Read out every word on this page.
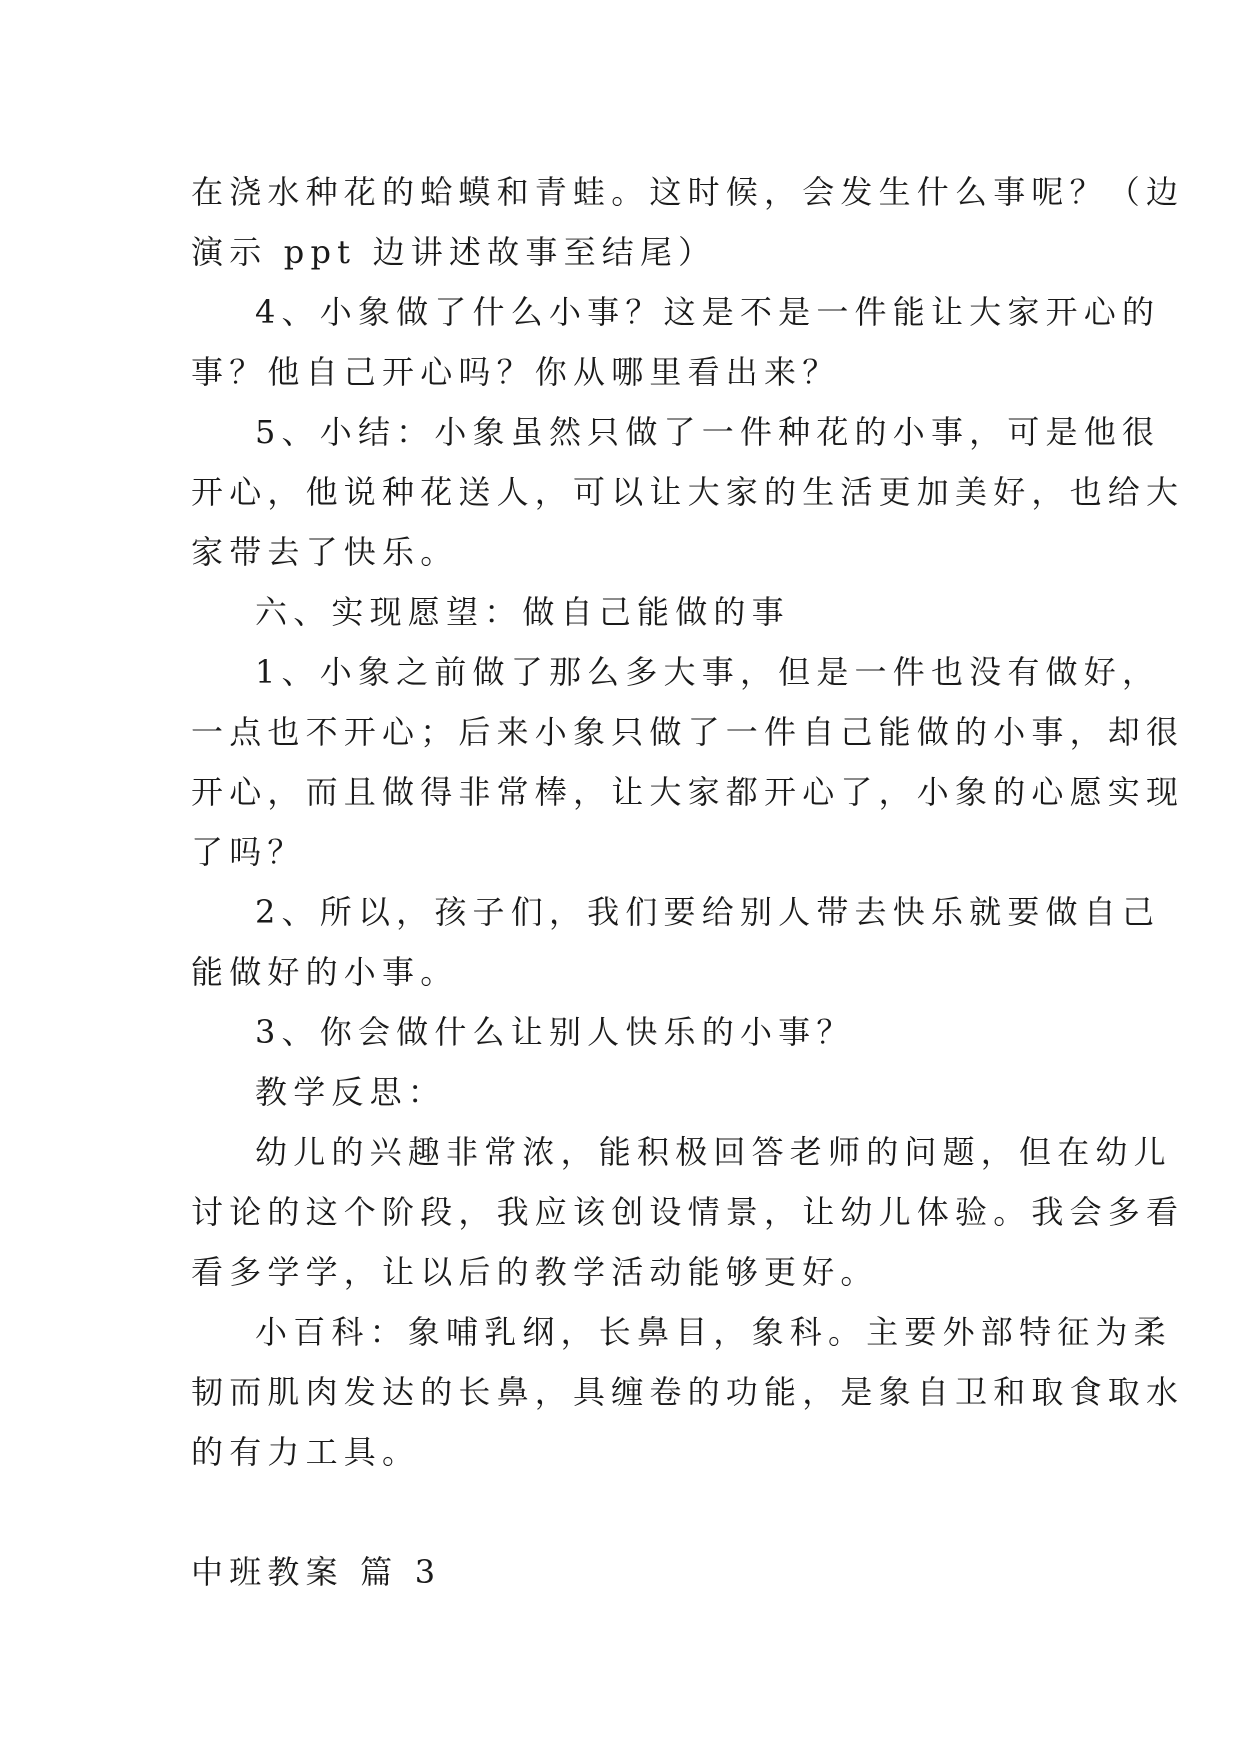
在浇水种花的蛤蟆和青蛙。这时候，会发生什么事呢？（边
演示 ppt 边讲述故事至结尾）
4、小象做了什么小事？这是不是一件能让大家开心的
事？他自己开心吗？你从哪里看出来？
5、小结：小象虽然只做了一件种花的小事，可是他很
开心，他说种花送人，可以让大家的生活更加美好，也给大
家带去了快乐。
六、实现愿望：做自己能做的事
1、小象之前做了那么多大事，但是一件也没有做好，
一点也不开心；后来小象只做了一件自己能做的小事，却很
开心，而且做得非常棒，让大家都开心了，小象的心愿实现
了吗？
2、所以，孩子们，我们要给别人带去快乐就要做自己
能做好的小事。
3、你会做什么让别人快乐的小事？
教学反思：
幼儿的兴趣非常浓，能积极回答老师的问题，但在幼儿
讨论的这个阶段，我应该创设情景，让幼儿体验。我会多看
看多学学，让以后的教学活动能够更好。
小百科：象哺乳纲，长鼻目，象科。主要外部特征为柔
韧而肌肉发达的长鼻，具缠卷的功能，是象自卫和取食取水
的有力工具。
中班教案 篇 3
